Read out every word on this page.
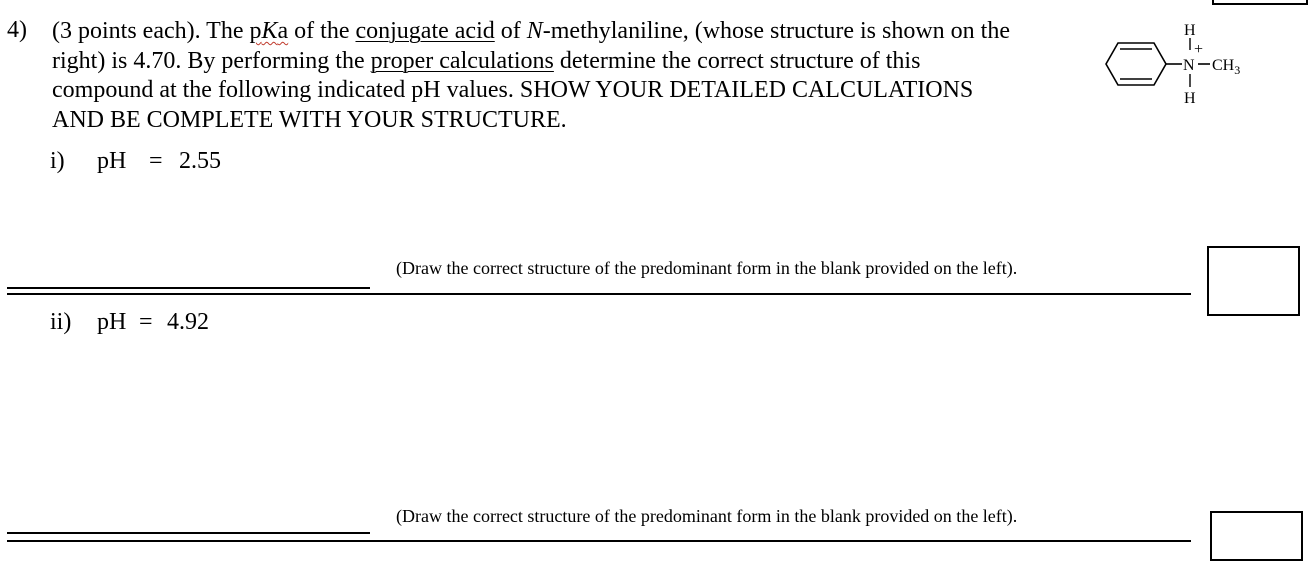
4) (3 points each). The pKa of the conjugate acid of N-methylaniline, (whose structure is shown on the
right) is 4.70. By performing the proper calculations determine the correct structure of this
compound at the following indicated pH values. SHOW YOUR DETAILED CALCULATIONS
AND BE COMPLETE WITH YOUR STRUCTURE.
H
+
N $CH_3$
H
i) pH = 2.55
(Draw the correct structure of the predominant form in the blank provided on the left).
ii) pH = 4.92
(Draw the correct structure of the predominant form in the blank provided on the left).
